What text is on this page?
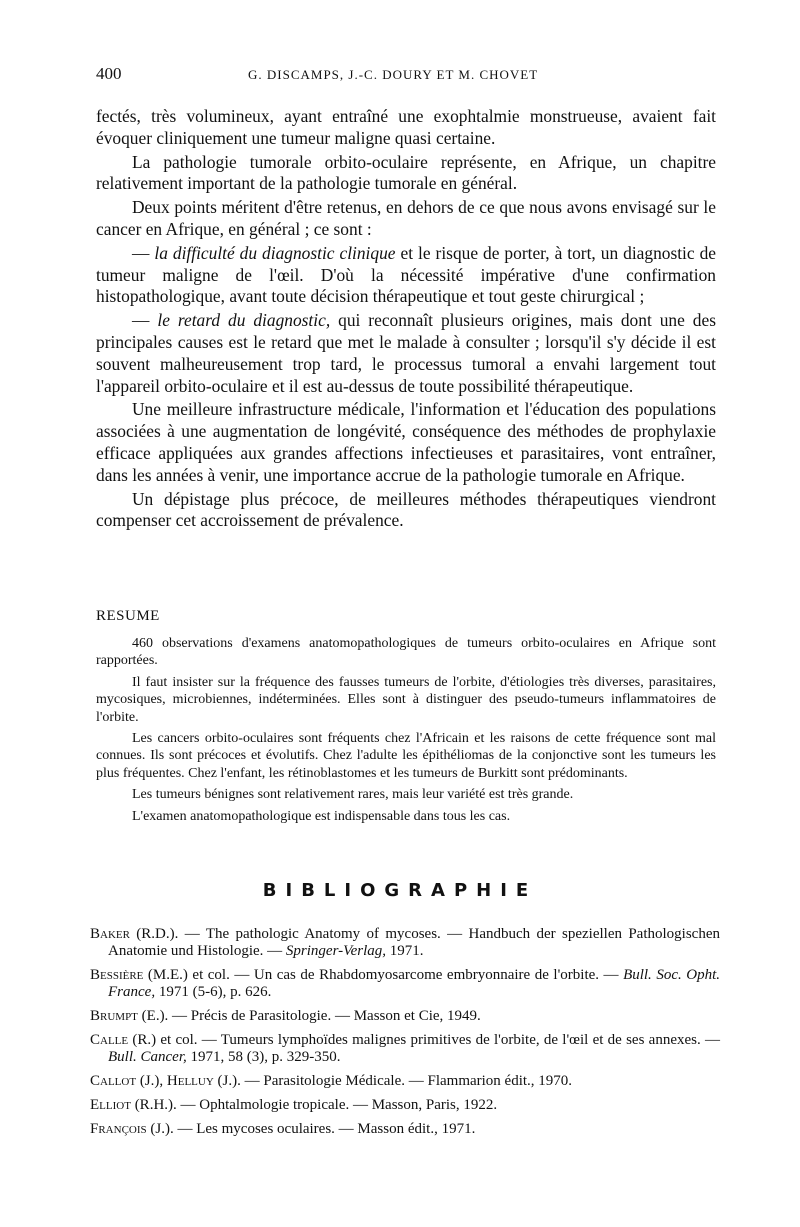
400	G. DISCAMPS, J.-C. DOURY ET M. CHOVET

fectés, très volumineux, ayant entraîné une exophtalmie monstrueuse, avaient fait évoquer cliniquement une tumeur maligne quasi certaine.

La pathologie tumorale orbito-oculaire représente, en Afrique, un chapitre relativement important de la pathologie tumorale en général.

Deux points méritent d'être retenus, en dehors de ce que nous avons envisagé sur le cancer en Afrique, en général ; ce sont :

— la difficulté du diagnostic clinique et le risque de porter, à tort, un diagnostic de tumeur maligne de l'œil. D'où la nécessité impérative d'une confirmation histopathologique, avant toute décision thérapeutique et tout geste chirurgical ;

— le retard du diagnostic, qui reconnaît plusieurs origines, mais dont une des principales causes est le retard que met le malade à consulter ; lorsqu'il s'y décide il est souvent malheureusement trop tard, le processus tumoral a envahi largement tout l'appareil orbito-oculaire et il est au-dessus de toute possibilité thérapeutique.

Une meilleure infrastructure médicale, l'information et l'éducation des populations associées à une augmentation de longévité, conséquence des méthodes de prophylaxie efficace appliquées aux grandes affections infectieuses et parasitaires, vont entraîner, dans les années à venir, une importance accrue de la pathologie tumorale en Afrique.

Un dépistage plus précoce, de meilleures méthodes thérapeutiques viendront compenser cet accroissement de prévalence.

RESUME

460 observations d'examens anatomopathologiques de tumeurs orbito-oculaires en Afrique sont rapportées.

Il faut insister sur la fréquence des fausses tumeurs de l'orbite, d'étiologies très diverses, parasitaires, mycosiques, microbiennes, indéterminées. Elles sont à distinguer des pseudo-tumeurs inflammatoires de l'orbite.

Les cancers orbito-oculaires sont fréquents chez l'Africain et les raisons de cette fréquence sont mal connues. Ils sont précoces et évolutifs. Chez l'adulte les épithéliomas de la conjonctive sont les tumeurs les plus fréquentes. Chez l'enfant, les rétinoblastomes et les tumeurs de Burkitt sont prédominants.

Les tumeurs bénignes sont relativement rares, mais leur variété est très grande.

L'examen anatomopathologique est indispensable dans tous les cas.

BIBLIOGRAPHIE

Baker (R.D.). — The pathologic Anatomy of mycoses. — Handbuch der speziellen Pathologischen Anatomie und Histologie. — Springer-Verlag, 1971.

Bessière (M.E.) et col. — Un cas de Rhabdomyosarcome embryonnaire de l'orbite. — Bull. Soc. Opht. France, 1971 (5-6), p. 626.

Brumpt (E.). — Précis de Parasitologie. — Masson et Cie, 1949.

Calle (R.) et col. — Tumeurs lymphoïdes malignes primitives de l'orbite, de l'œil et de ses annexes. — Bull. Cancer, 1971, 58 (3), p. 329-350.

Callot (J.), Helluy (J.). — Parasitologie Médicale. — Flammarion édit., 1970.

Elliot (R.H.). — Ophtalmologie tropicale. — Masson, Paris, 1922.

François (J.). — Les mycoses oculaires. — Masson édit., 1971.
